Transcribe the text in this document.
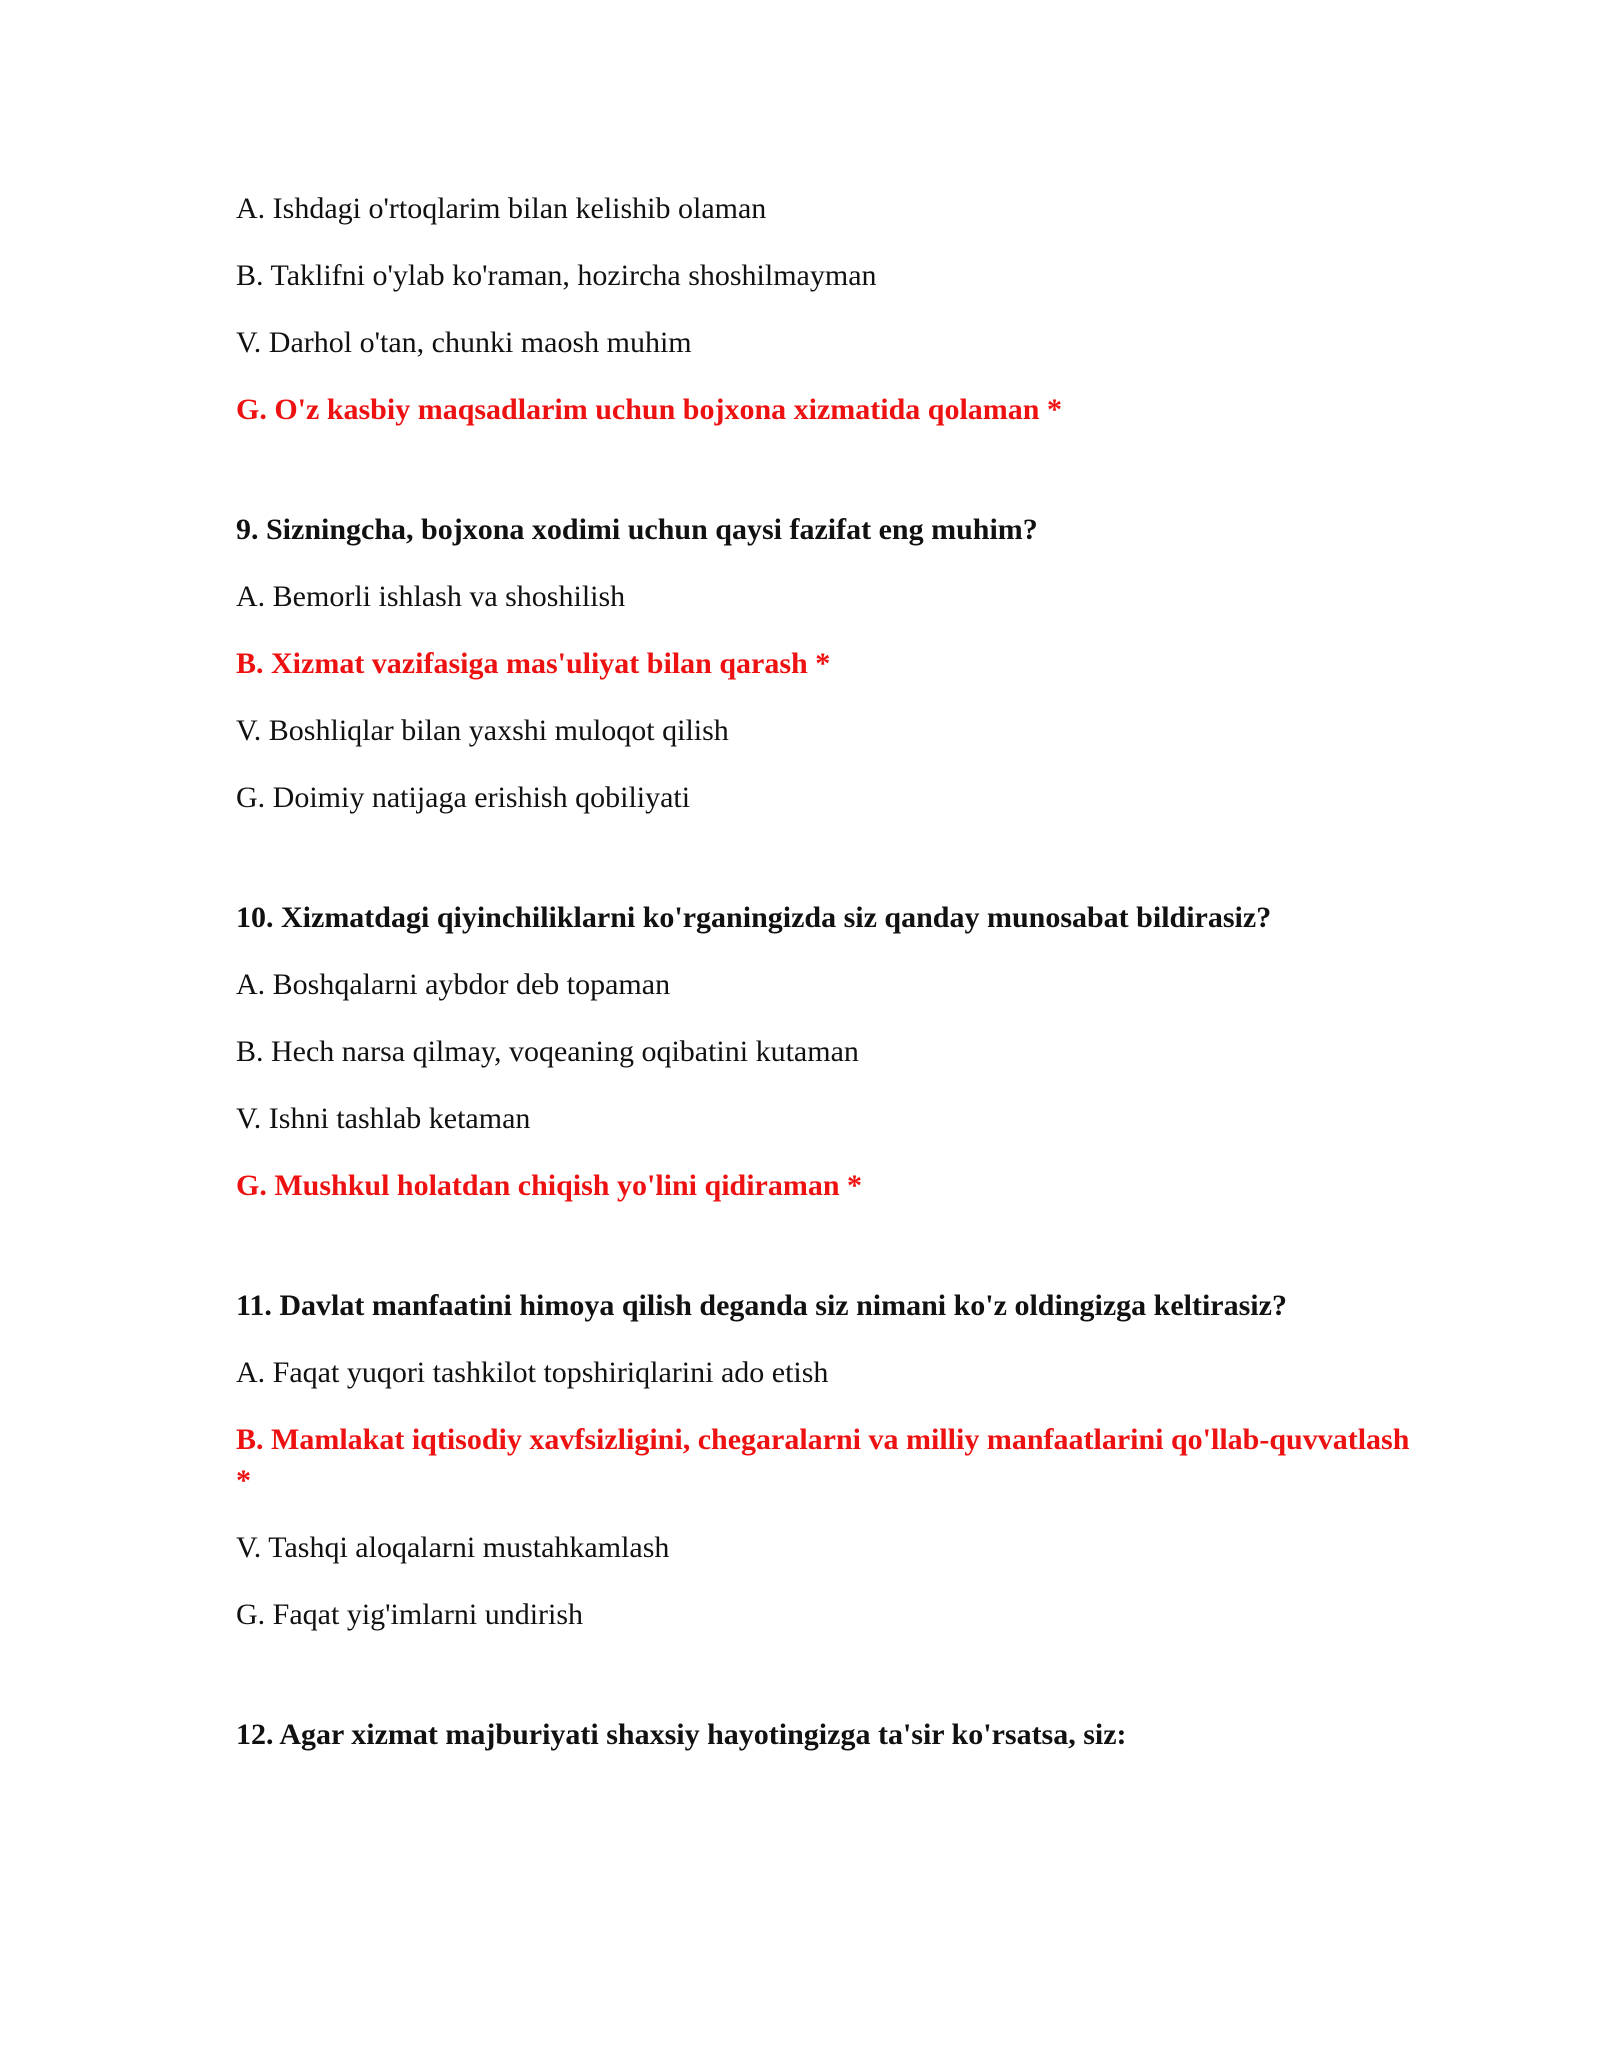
A. Ishdagi o'rtoqlarim bilan kelishib olaman

B. Taklifni o'ylab ko'raman, hozircha shoshilmayman

V. Darhol o'tan, chunki maosh muhim

G. O'z kasbiy maqsadlarim uchun bojxona xizmatida qolaman *

9. Sizningcha, bojxona xodimi uchun qaysi fazifat eng muhim?

A. Bemorli ishlash va shoshilish

B. Xizmat vazifasiga mas'uliyat bilan qarash *

V. Boshliqlar bilan yaxshi muloqot qilish

G. Doimiy natijaga erishish qobiliyati

10. Xizmatdagi qiyinchiliklarni ko'rganingizda siz qanday munosabat bildirasiz?

A. Boshqalarni aybdor deb topaman

B. Hech narsa qilmay, voqeaning oqibatini kutaman

V. Ishni tashlab ketaman

G. Mushkul holatdan chiqish yo'lini qidiraman *

11. Davlat manfaatini himoya qilish deganda siz nimani ko'z oldingizga keltirasiz?

A. Faqat yuqori tashkilot topshiriqlarini ado etish

B. Mamlakat iqtisodiy xavfsizligini, chegaralarni va milliy manfaatlarini qo'llab-quvvatlash *

V. Tashqi aloqalarni mustahkamlash

G. Faqat yig'imlarni undirish

12. Agar xizmat majburiyati shaxsiy hayotingizga ta'sir ko'rsatsa, siz:
